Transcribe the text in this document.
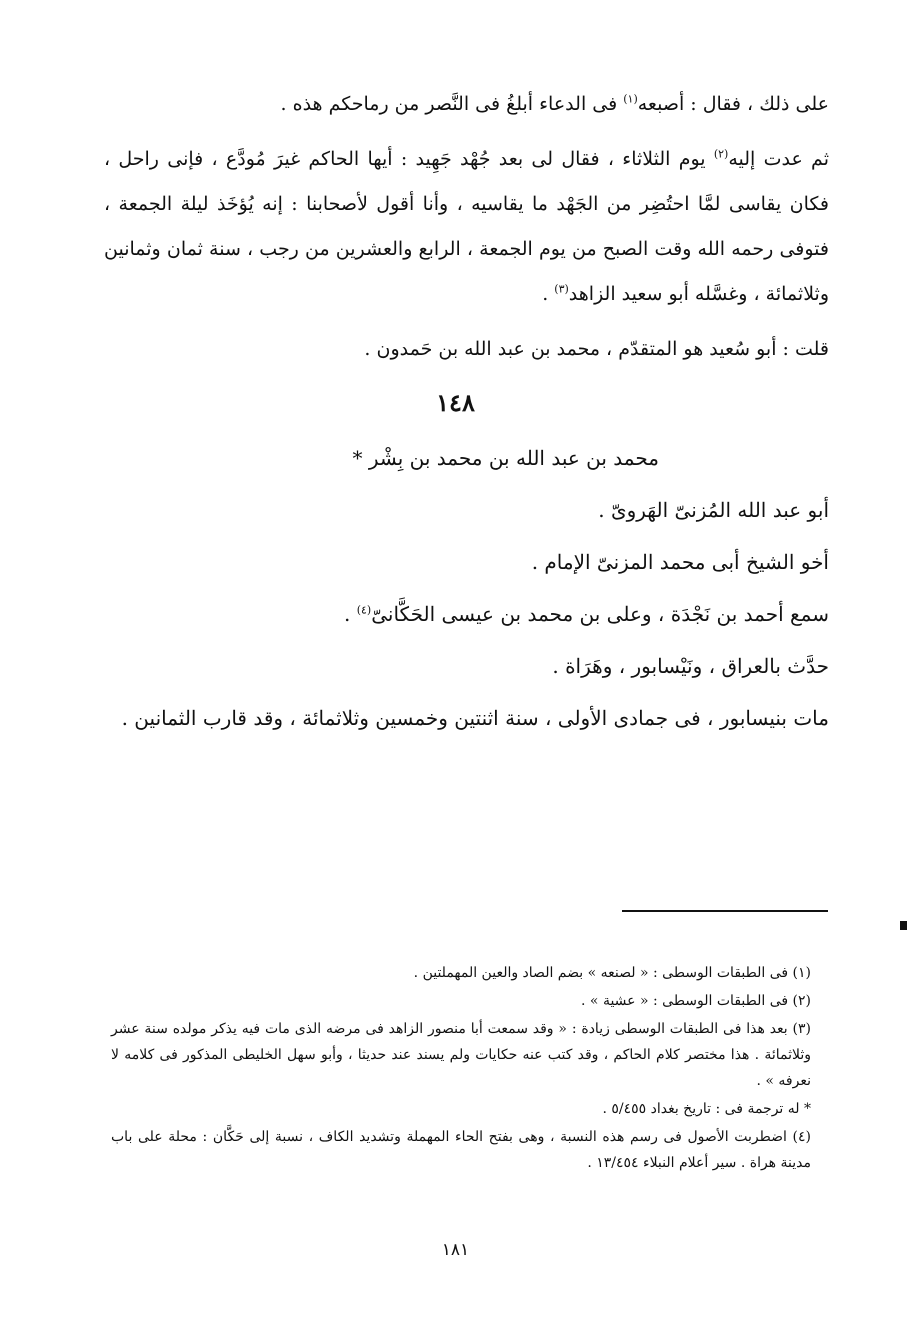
على ذلك ، فقال : أصبعه$^{(١)}$ فى الدعاء أبلغُ فى النَّصر من رماحكم هذه .

ثم عدت إليه$^{(٢)}$ يوم الثلاثاء ، فقال لى بعد جُهْد جَهِيد : أيها الحاكم غيرَ مُودَّع ، فإنى راحل ، فكان يقاسى لمَّا احتُضِر من الجَهْد ما يقاسيه ، وأنا أقول لأصحابنا : إنه يُؤخَذ ليلة الجمعة ، فتوفى رحمه الله وقت الصبح من يوم الجمعة ، الرابع والعشرين من رجب ، سنة ثمان وثمانين وثلاثمائة ، وغسَّله أبو سعيد الزاهد$^{(٣)}$ .

قلت : أبو سُعيد هو المتقدّم ، محمد بن عبد الله بن حَمدون .

١٤٨
محمد بن عبد الله بن محمد بن بِشْر *
أبو عبد الله المُزنىّ الهَروىّ .
أخو الشيخ أبى محمد المزنىّ الإمام .
سمع أحمد بن نَجْدَة ، وعلى بن محمد بن عيسى الحَكَّانىّ$^{(٤)}$ .
حدَّث بالعراق ، ونَيْسابور ، وهَرَاة .
مات بنيسابور ، فى جمادى الأولى ، سنة اثنتين وخمسين وثلاثمائة ، وقد قارب الثمانين .

(١) فى الطبقات الوسطى : « لصنعه » بضم الصاد والعين المهملتين .

(٢) فى الطبقات الوسطى : « عشية » .

(٣) بعد هذا فى الطبقات الوسطى زيادة : « وقد سمعت أبا منصور الزاهد فى مرضه الذى مات فيه يذكر مولده سنة عشر وثلاثمائة . هذا مختصر كلام الحاكم ، وقد كتب عنه حكايات ولم يسند عند حديثا ، وأبو سهل الخليطى المذكور فى كلامه لا نعرفه » .

* له ترجمة فى : تاريخ بغداد ٥/٤٥٥ .

(٤) اضطربت الأصول فى رسم هذه النسبة ، وهى بفتح الحاء المهملة وتشديد الكاف ، نسبة إلى حَكَّان : محلة على باب مدينة هراة . سير أعلام النبلاء ١٣/٤٥٤ .

١٨١
